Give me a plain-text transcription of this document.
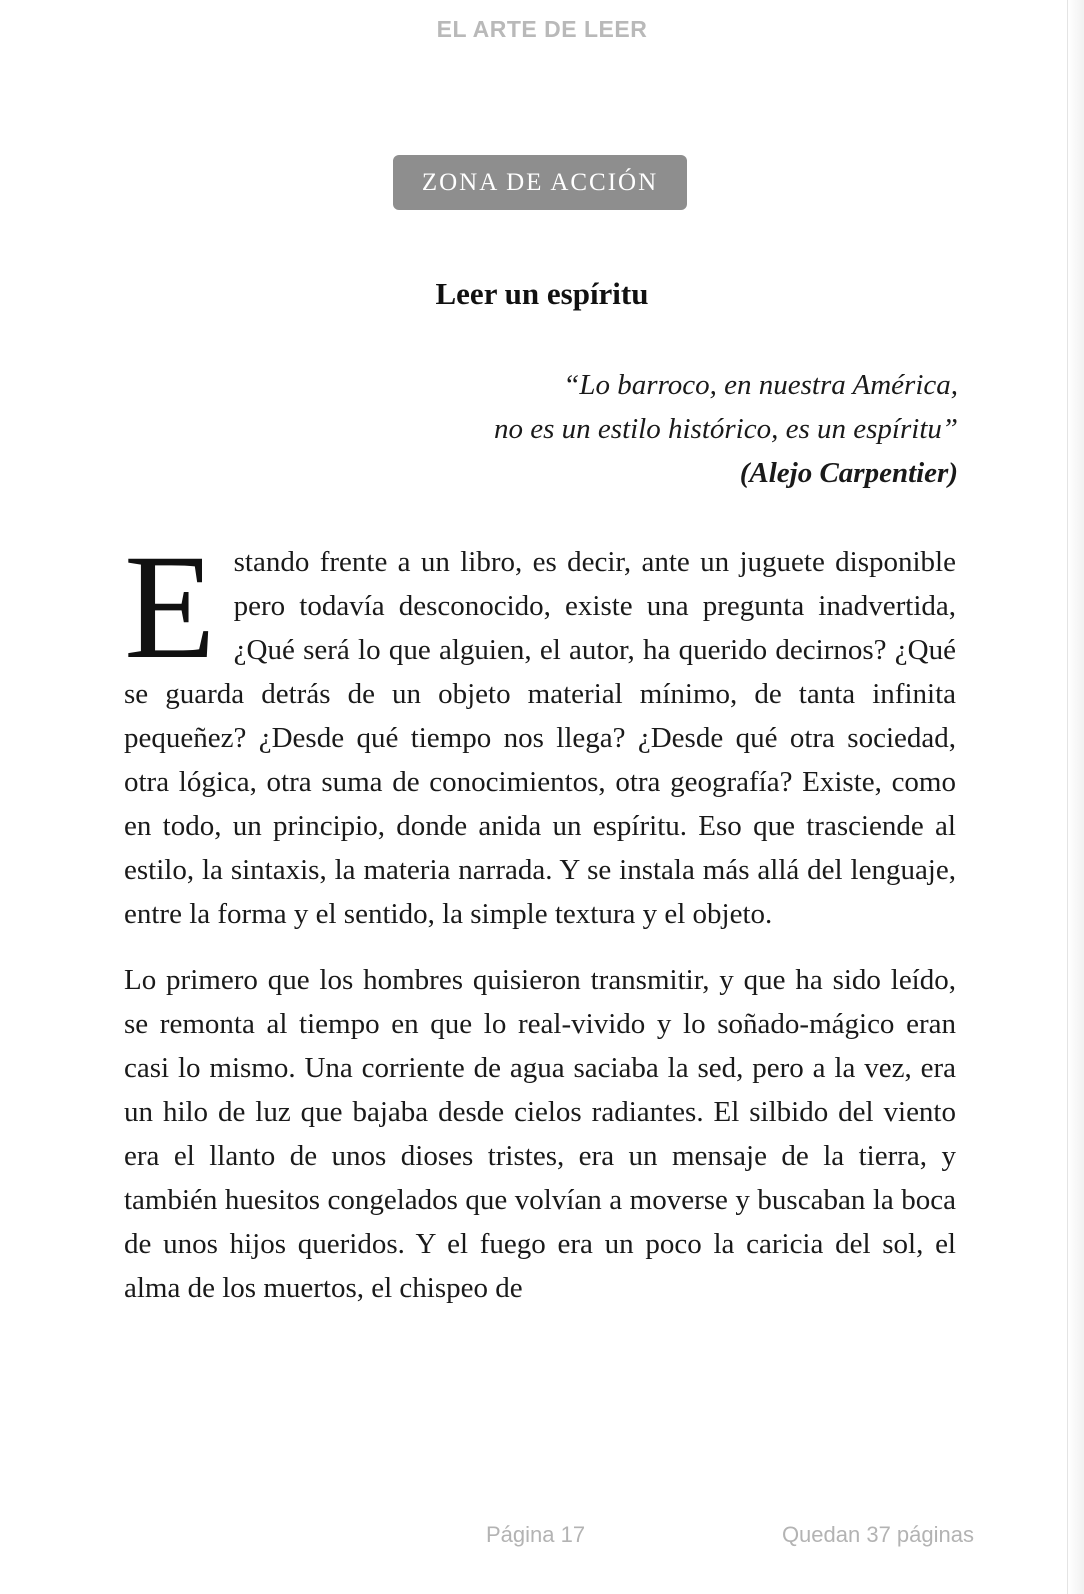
EL ARTE DE LEER
ZONA DE ACCIÓN
Leer un espíritu
“Lo barroco, en nuestra América,
no es un estilo histórico, es un espíritu”
(Alejo Carpentier)

Estando frente a un libro, es decir, ante un juguete disponible pero todavía desconocido, existe una pregunta inadvertida, ¿Qué será lo que alguien, el autor, ha querido decirnos? ¿Qué se guarda detrás de un objeto material mínimo, de tanta infinita pequeñez? ¿Desde qué tiempo nos llega? ¿Desde qué otra sociedad, otra lógica, otra suma de conocimientos, otra geografía? Existe, como en todo, un principio, donde anida un espíritu. Eso que trasciende al estilo, la sintaxis, la materia narrada. Y se instala más allá del lenguaje, entre la forma y el sentido, la simple textura y el objeto.

Lo primero que los hombres quisieron transmitir, y que ha sido leído, se remonta al tiempo en que lo real-vivido y lo soñado-mágico eran casi lo mismo. Una corriente de agua saciaba la sed, pero a la vez, era un hilo de luz que bajaba desde cielos radiantes. El silbido del viento era el llanto de unos dioses tristes, era un mensaje de la tierra, y también huesitos congelados que volvían a moverse y buscaban la boca de unos hijos queridos. Y el fuego era un poco la caricia del sol, el alma de los muertos, el chispeo de

Página 17	Quedan 37 páginas
